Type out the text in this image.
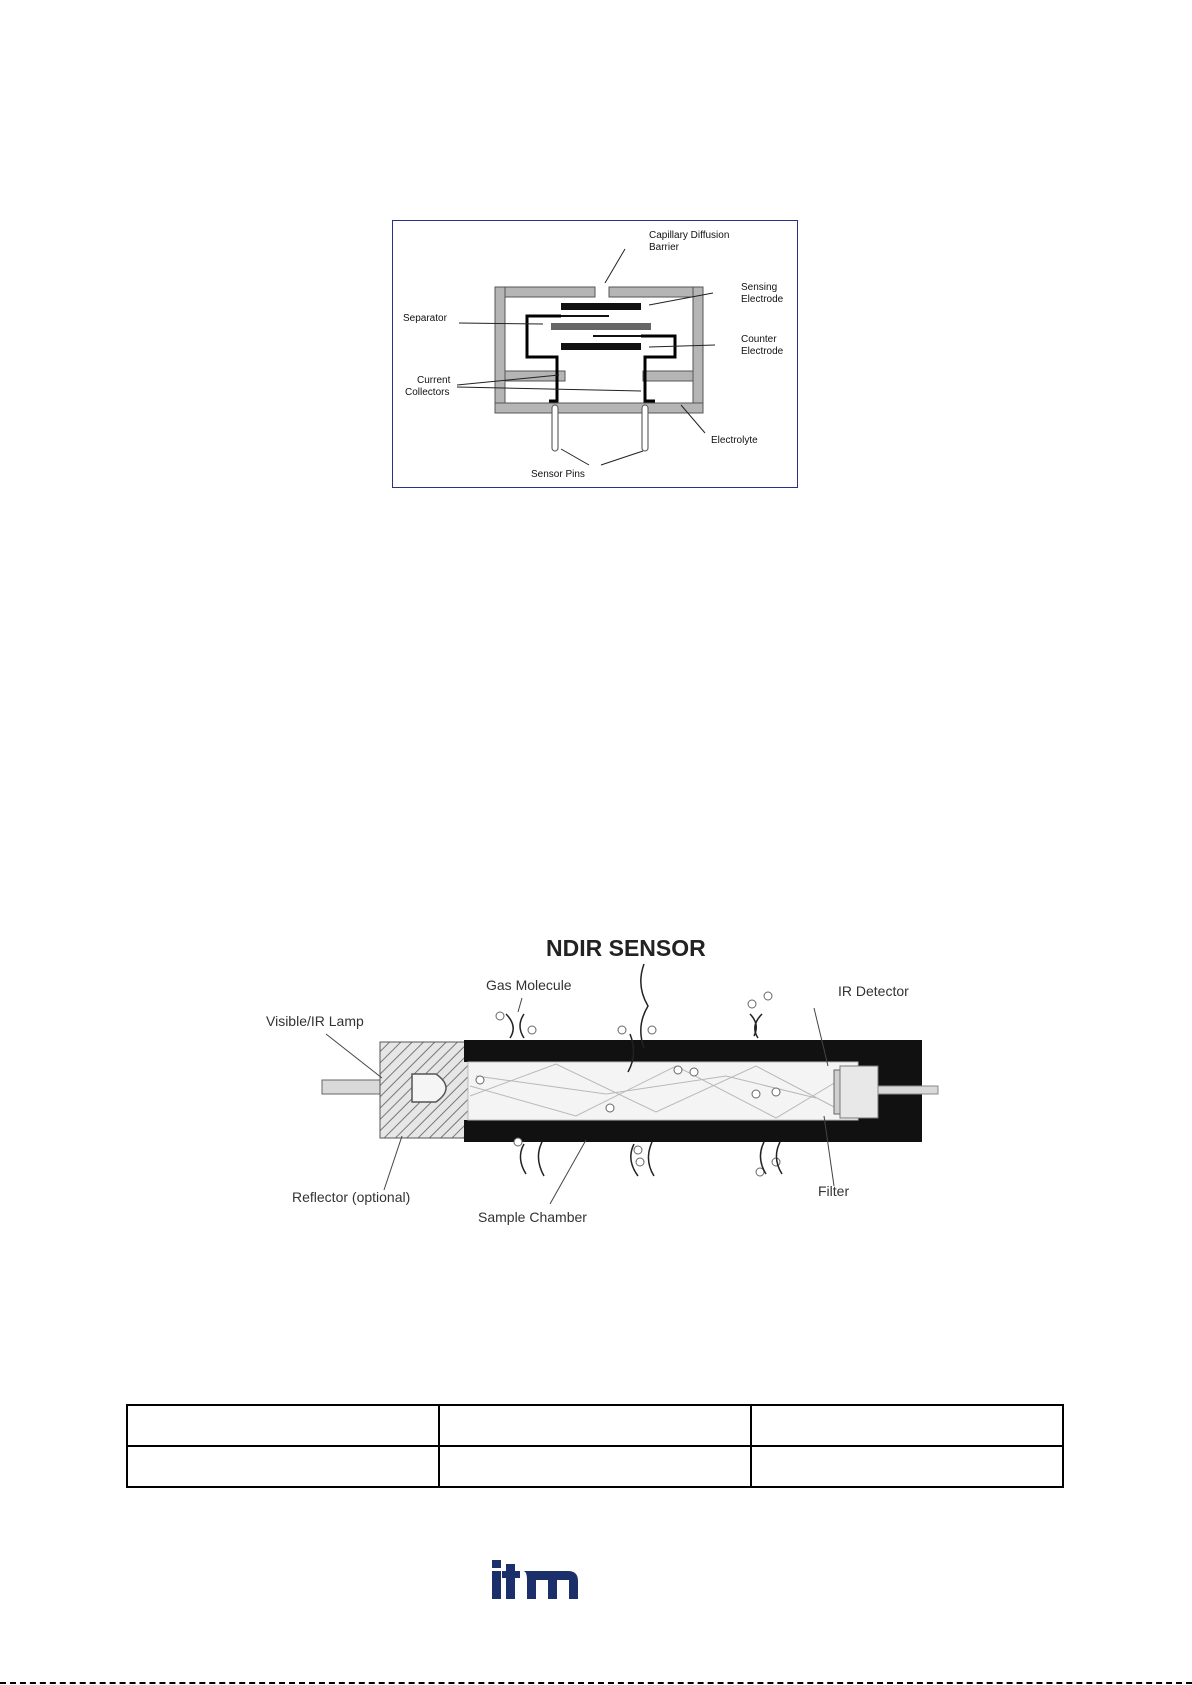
Capillary Diffusion
Barrier
Sensing
Electrode
Separator
Counter
Electrode
Current
Collectors
Electrolyte
Sensor Pins
NDIR SENSOR
Gas Molecule	IR Detector
Visible/IR Lamp
Reflector (optional)
Sample Chamber
Filter
